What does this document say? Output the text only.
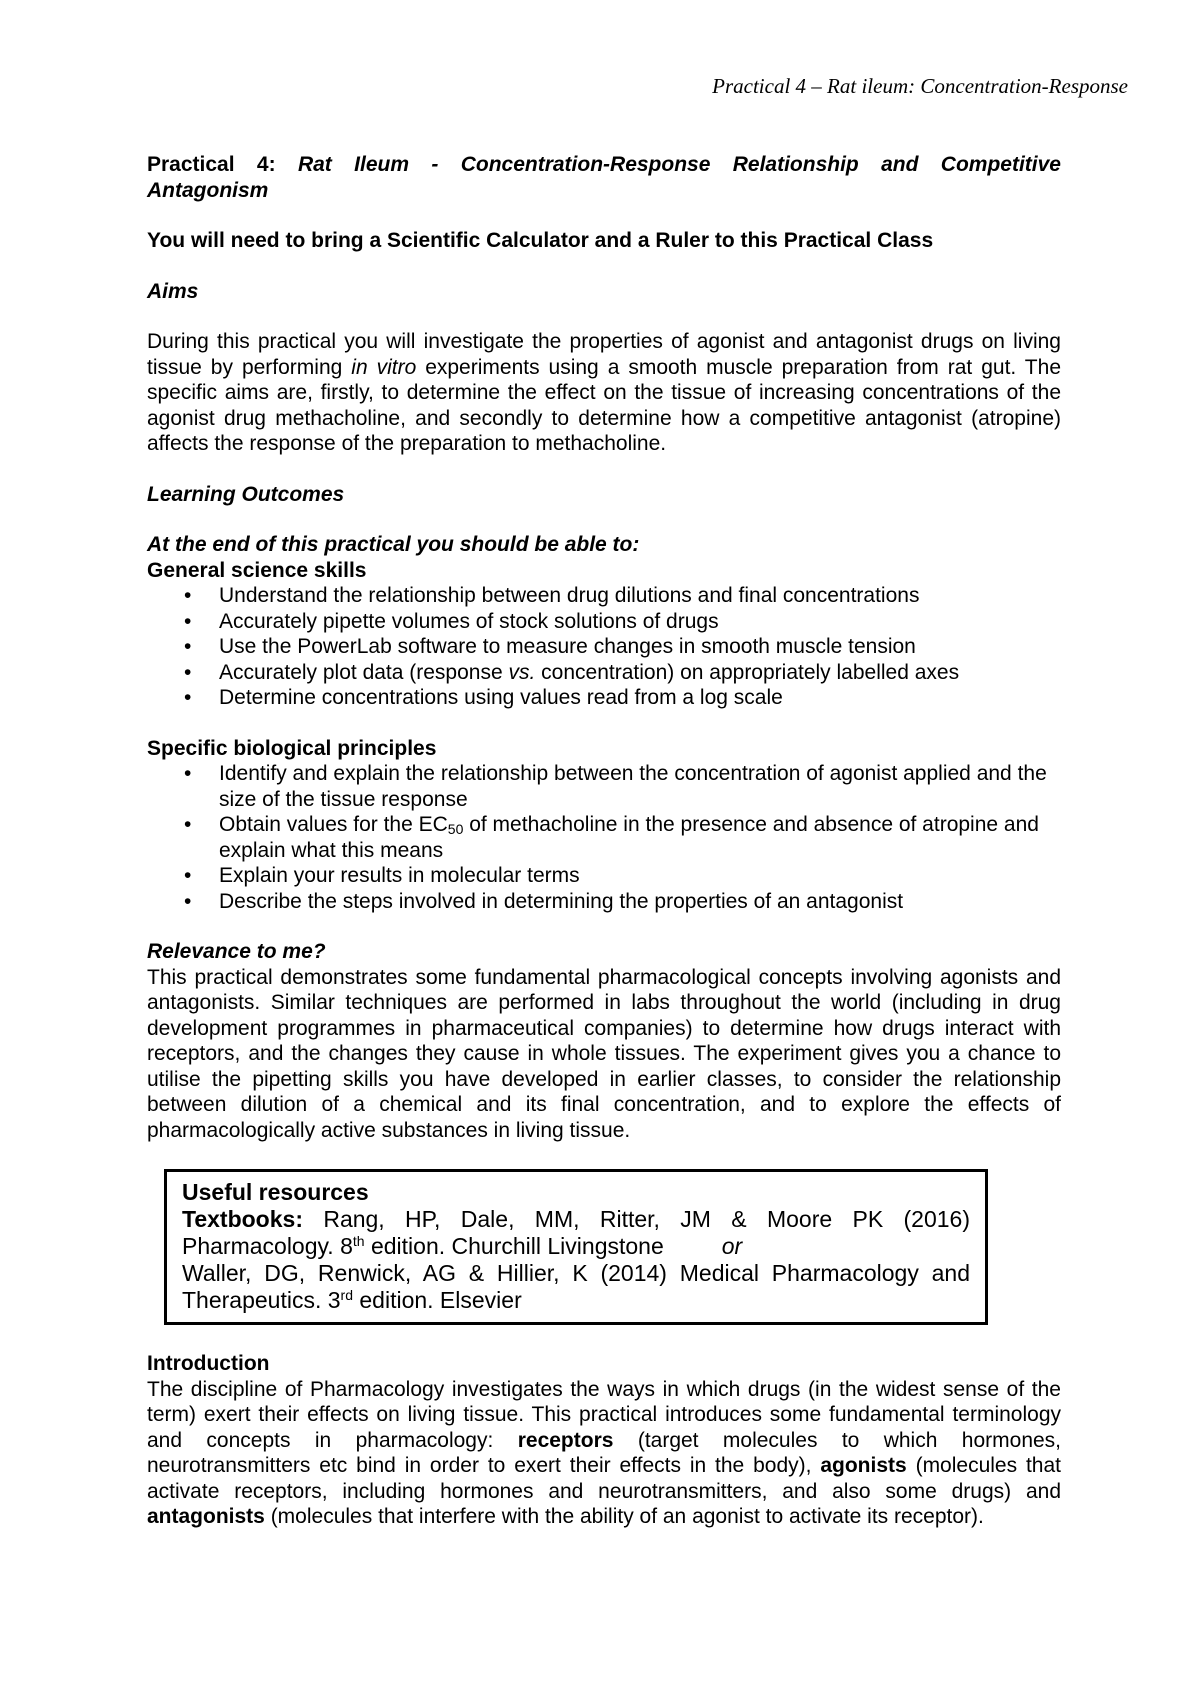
Practical 4 – Rat ileum: Concentration-Response

Practical 4: Rat Ileum - Concentration-Response Relationship and Competitive

Antagonism

You will need to bring a Scientific Calculator and a Ruler to this Practical Class

Aims

During this practical you will investigate the properties of agonist and antagonist drugs on living tissue by performing in vitro experiments using a smooth muscle preparation from rat gut. The specific aims are, firstly, to determine the effect on the tissue of increasing concentrations of the agonist drug methacholine, and secondly to determine how a competitive antagonist (atropine) affects the response of the preparation to methacholine.

Learning Outcomes

At the end of this practical you should be able to:

General science skills

• Understand the relationship between drug dilutions and final concentrations
• Accurately pipette volumes of stock solutions of drugs
• Use the PowerLab software to measure changes in smooth muscle tension
• Accurately plot data (response vs. concentration) on appropriately labelled axes
• Determine concentrations using values read from a log scale

Specific biological principles

• Identify and explain the relationship between the concentration of agonist applied and the size of the tissue response
• Obtain values for the $EC_{50}$ of methacholine in the presence and absence of atropine and explain what this means
• Explain your results in molecular terms
• Describe the steps involved in determining the properties of an antagonist

Relevance to me?

This practical demonstrates some fundamental pharmacological concepts involving agonists and antagonists. Similar techniques are performed in labs throughout the world (including in drug development programmes in pharmaceutical companies) to determine how drugs interact with receptors, and the changes they cause in whole tissues. The experiment gives you a chance to utilise the pipetting skills you have developed in earlier classes, to consider the relationship between dilution of a chemical and its final concentration, and to explore the effects of pharmacologically active substances in living tissue.

Useful resources

Textbooks: Rang, HP, Dale, MM, Ritter, JM & Moore PK (2016) Pharmacology. 8th edition. Churchill Livingstone	or

Waller, DG, Renwick, AG & Hillier, K (2014) Medical Pharmacology and Therapeutics. 3rd edition. Elsevier

Introduction

The discipline of Pharmacology investigates the ways in which drugs (in the widest sense of the term) exert their effects on living tissue. This practical introduces some fundamental terminology and concepts in pharmacology: receptors (target molecules to which hormones, neurotransmitters etc bind in order to exert their effects in the body), agonists (molecules that activate receptors, including hormones and neurotransmitters, and also some drugs) and antagonists (molecules that interfere with the ability of an agonist to activate its receptor).
